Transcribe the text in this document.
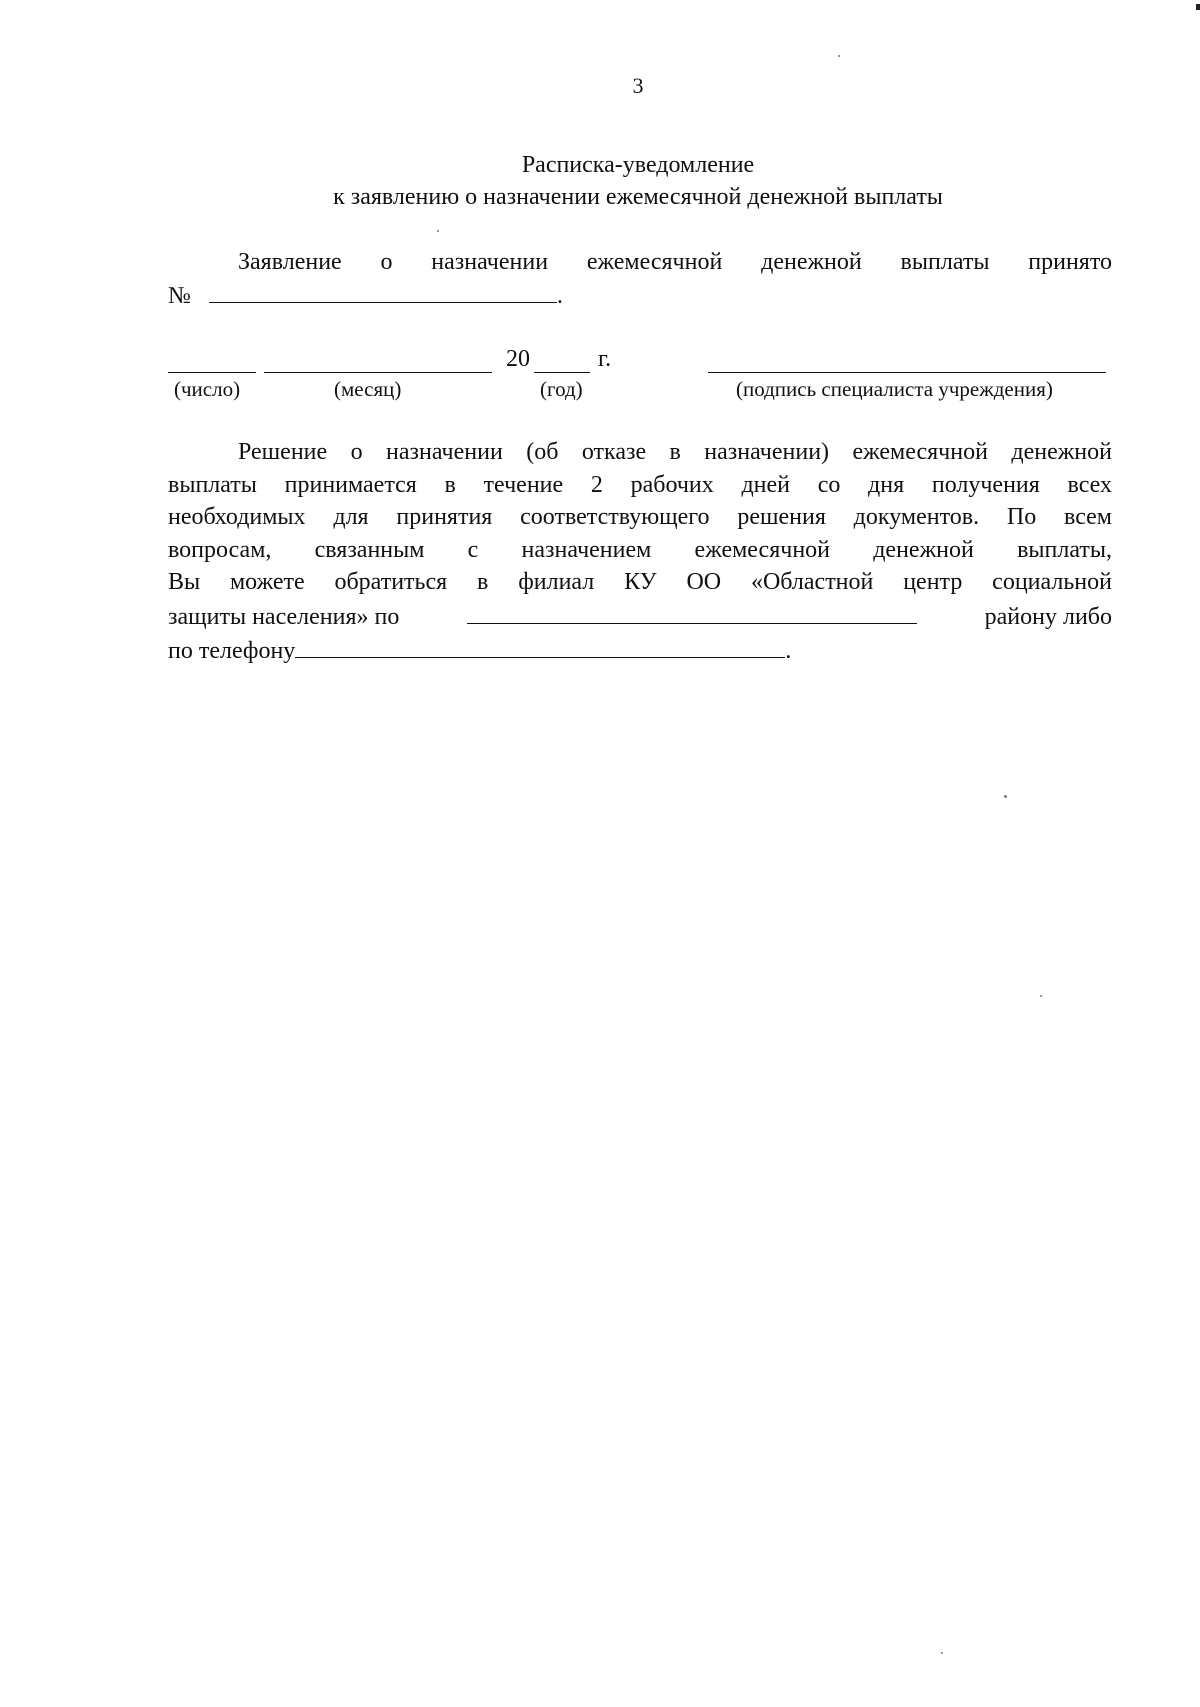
3
Расписка-уведомление
к заявлению о назначении ежемесячной денежной выплаты
Заявление о назначении ежемесячной денежной выплаты принято
№	.
20	г.
(число)	(месяц)	(год)	(подпись специалиста учреждения)
Решение о назначении (об отказе в назначении) ежемесячной денежной
выплаты принимается в течение 2 рабочих дней со дня получения всех
необходимых для принятия соответствующего решения документов. По всем
вопросам, связанным с назначением ежемесячной денежной выплаты,
Вы можете обратиться в филиал КУ ОО «Областной центр социальной
защиты населения» по	району либо
по телефону	.
